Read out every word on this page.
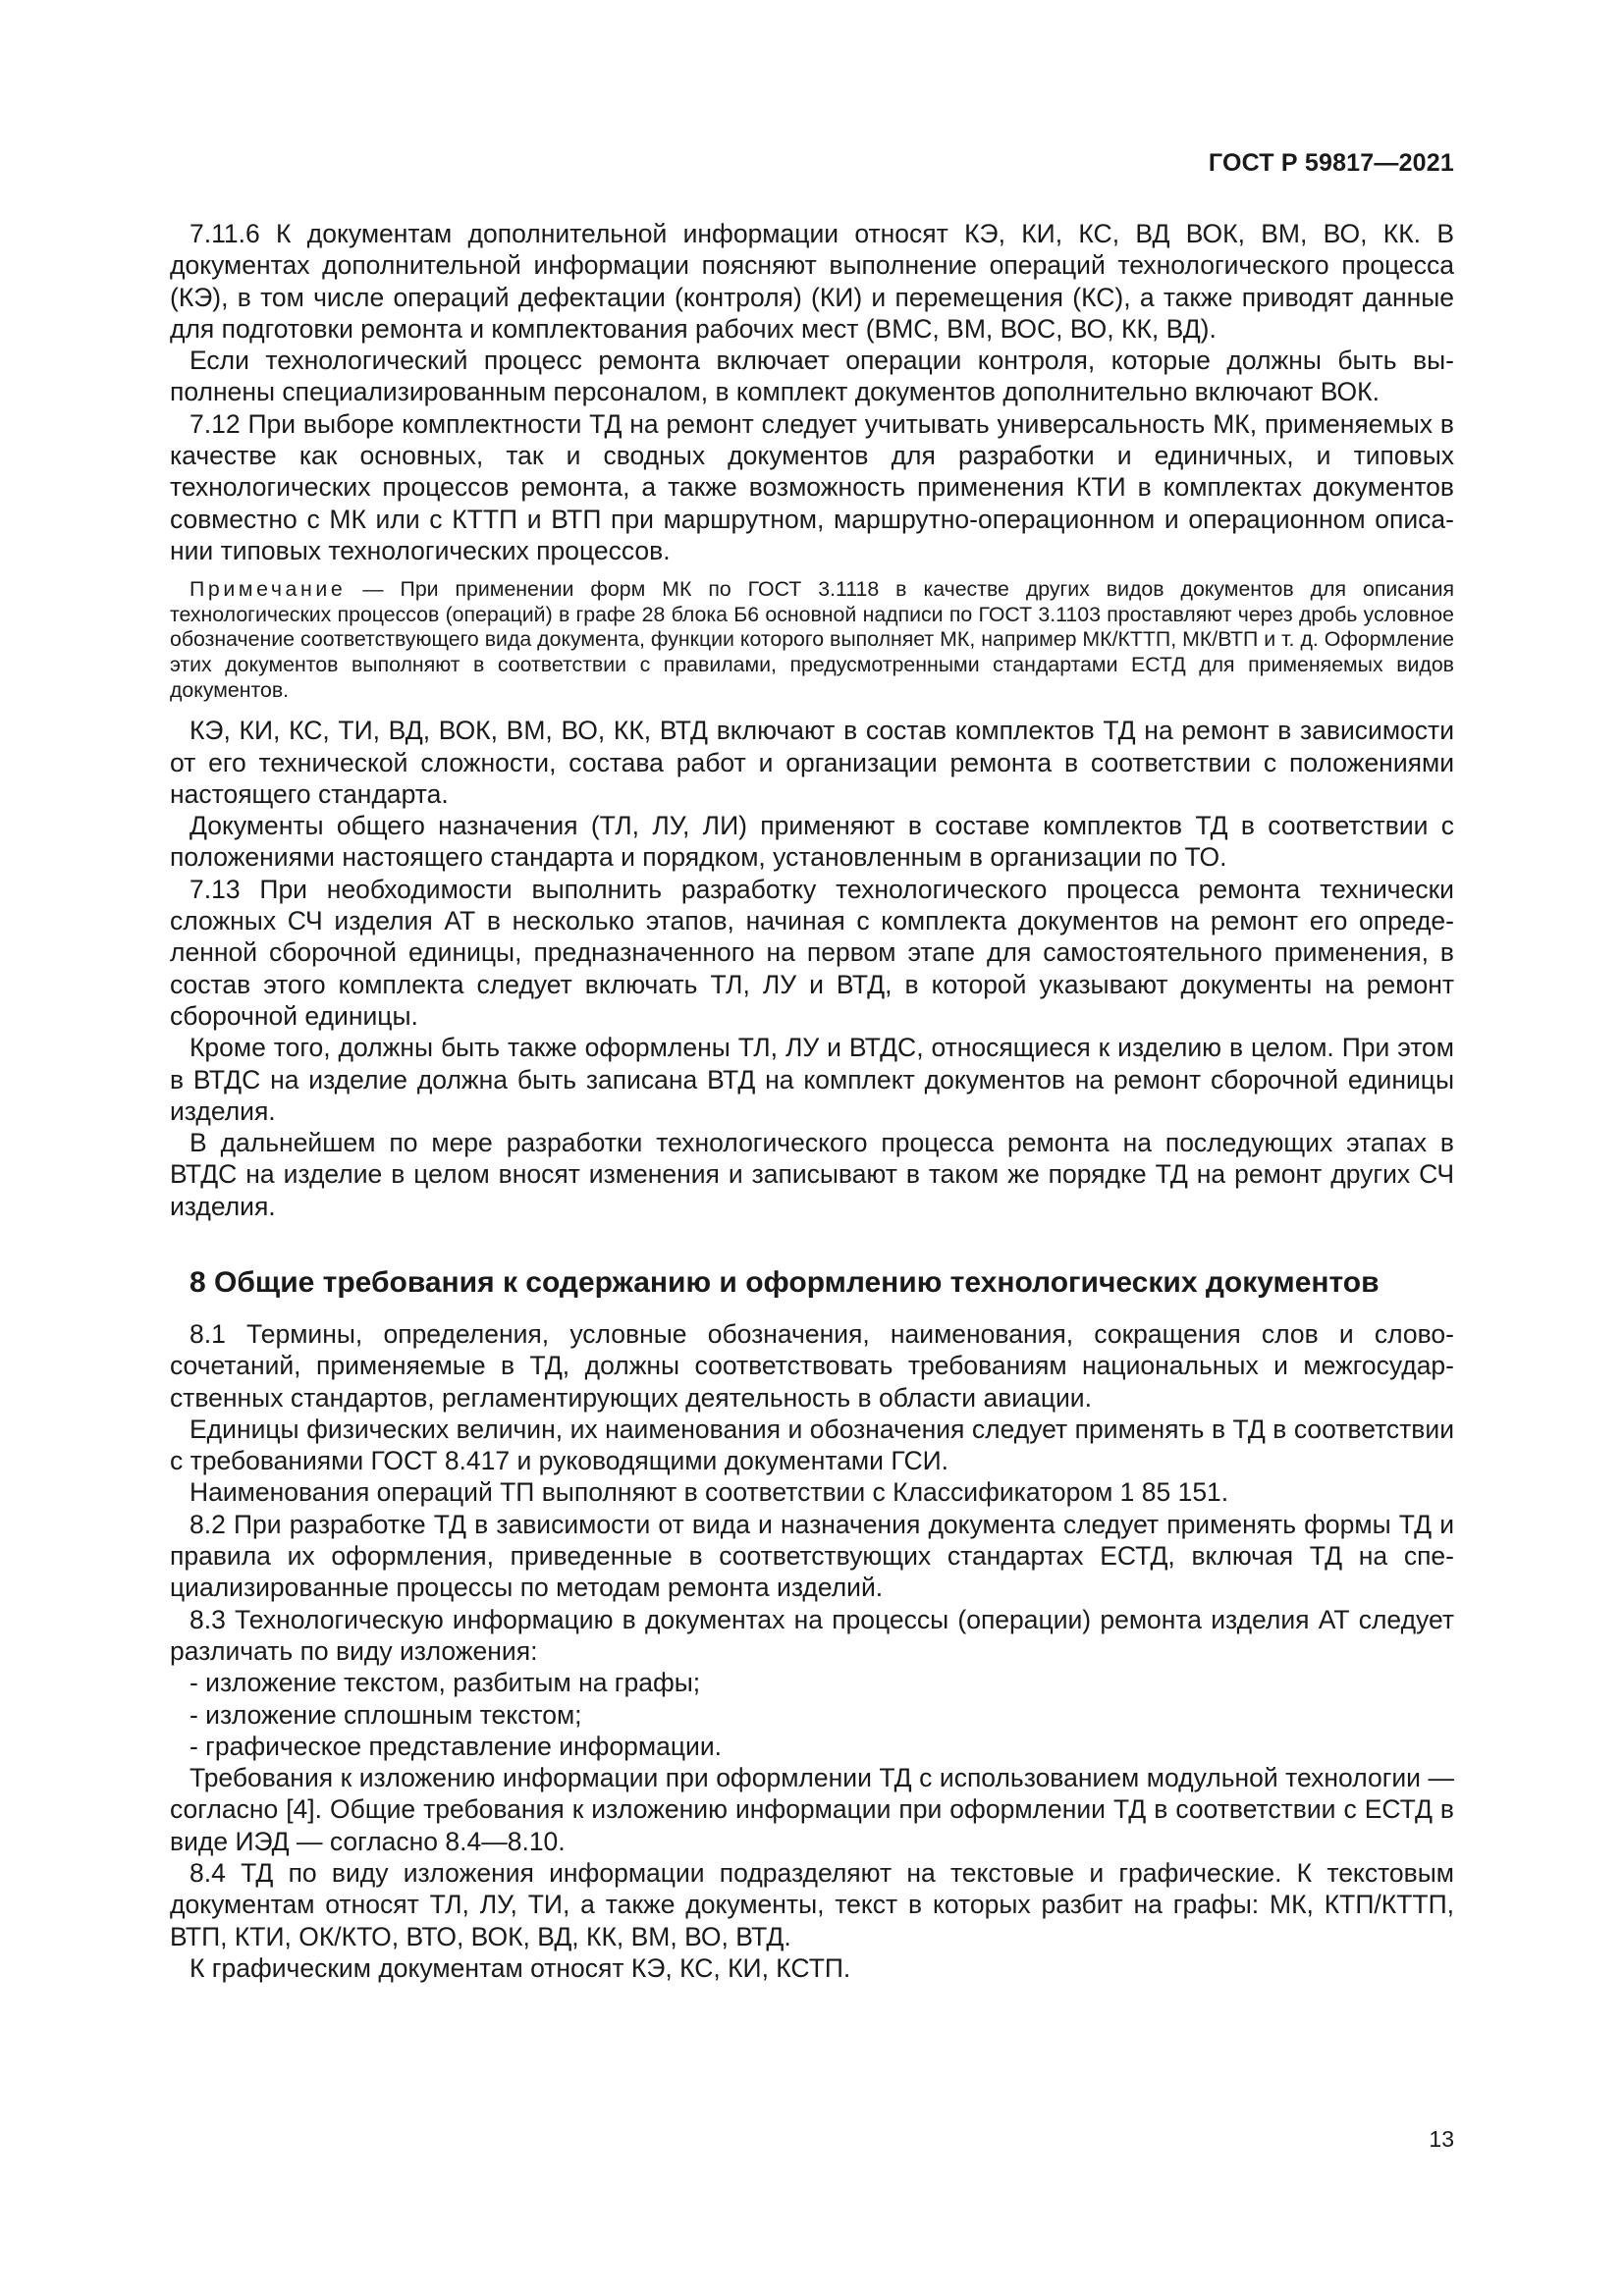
ГОСТ Р 59817—2021

7.11.6 К документам дополнительной информации относят КЭ, КИ, КС, ВД ВОК, ВМ, ВО, КК. В документах дополнительной информации поясняют выполнение операций технологического процесса (КЭ), в том числе операций дефектации (контроля) (КИ) и перемещения (КС), а также приводят данные для подготовки ремонта и комплектования рабочих мест (ВМС, ВМ, ВОС, ВО, КК, ВД).

Если технологический процесс ремонта включает операции контроля, которые должны быть выполнены специализированным персоналом, в комплект документов дополнительно включают ВОК.

7.12 При выборе комплектности ТД на ремонт следует учитывать универсальность МК, применяемых в качестве как основных, так и сводных документов для разработки и единичных, и типовых технологических процессов ремонта, а также возможность применения КТИ в комплектах документов совместно с МК или с КТТП и ВТП при маршрутном, маршрутно-операционном и операционном описании типовых технологических процессов.

Примечание — При применении форм МК по ГОСТ 3.1118 в качестве других видов документов для описания технологических процессов (операций) в графе 28 блока Б6 основной надписи по ГОСТ 3.1103 проставляют через дробь условное обозначение соответствующего вида документа, функции которого выполняет МК, например МК/КТТП, МК/ВТП и т. д. Оформление этих документов выполняют в соответствии с правилами, предусмотренными стандартами ЕСТД для применяемых видов документов.

КЭ, КИ, КС, ТИ, ВД, ВОК, ВМ, ВО, КК, ВТД включают в состав комплектов ТД на ремонт в зависимости от его технической сложности, состава работ и организации ремонта в соответствии с положениями настоящего стандарта.

Документы общего назначения (ТЛ, ЛУ, ЛИ) применяют в составе комплектов ТД в соответствии с положениями настоящего стандарта и порядком, установленным в организации по ТО.

7.13 При необходимости выполнить разработку технологического процесса ремонта технически сложных СЧ изделия АТ в несколько этапов, начиная с комплекта документов на ремонт его определенной сборочной единицы, предназначенного на первом этапе для самостоятельного применения, в состав этого комплекта следует включать ТЛ, ЛУ и ВТД, в которой указывают документы на ремонт сборочной единицы.

Кроме того, должны быть также оформлены ТЛ, ЛУ и ВТДС, относящиеся к изделию в целом. При этом в ВТДС на изделие должна быть записана ВТД на комплект документов на ремонт сборочной единицы изделия.

В дальнейшем по мере разработки технологического процесса ремонта на последующих этапах в ВТДС на изделие в целом вносят изменения и записывают в таком же порядке ТД на ремонт других СЧ изделия.

8 Общие требования к содержанию и оформлению технологических документов

8.1 Термины, определения, условные обозначения, наименования, сокращения слов и словосочетаний, применяемые в ТД, должны соответствовать требованиям национальных и межгосударственных стандартов, регламентирующих деятельность в области авиации.

Единицы физических величин, их наименования и обозначения следует применять в ТД в соответствии с требованиями ГОСТ 8.417 и руководящими документами ГСИ.

Наименования операций ТП выполняют в соответствии с Классификатором 1 85 151.

8.2 При разработке ТД в зависимости от вида и назначения документа следует применять формы ТД и правила их оформления, приведенные в соответствующих стандартах ЕСТД, включая ТД на специализированные процессы по методам ремонта изделий.

8.3 Технологическую информацию в документах на процессы (операции) ремонта изделия АТ следует различать по виду изложения:

- изложение текстом, разбитым на графы;

- изложение сплошным текстом;

- графическое представление информации.

Требования к изложению информации при оформлении ТД с использованием модульной технологии — согласно [4]. Общие требования к изложению информации при оформлении ТД в соответствии с ЕСТД в виде ИЭД — согласно 8.4—8.10.

8.4 ТД по виду изложения информации подразделяют на текстовые и графические. К текстовым документам относят ТЛ, ЛУ, ТИ, а также документы, текст в которых разбит на графы: МК, КТП/КТТП, ВТП, КТИ, ОК/КТО, ВТО, ВОК, ВД, КК, ВМ, ВО, ВТД.

К графическим документам относят КЭ, КС, КИ, КСТП.

13
